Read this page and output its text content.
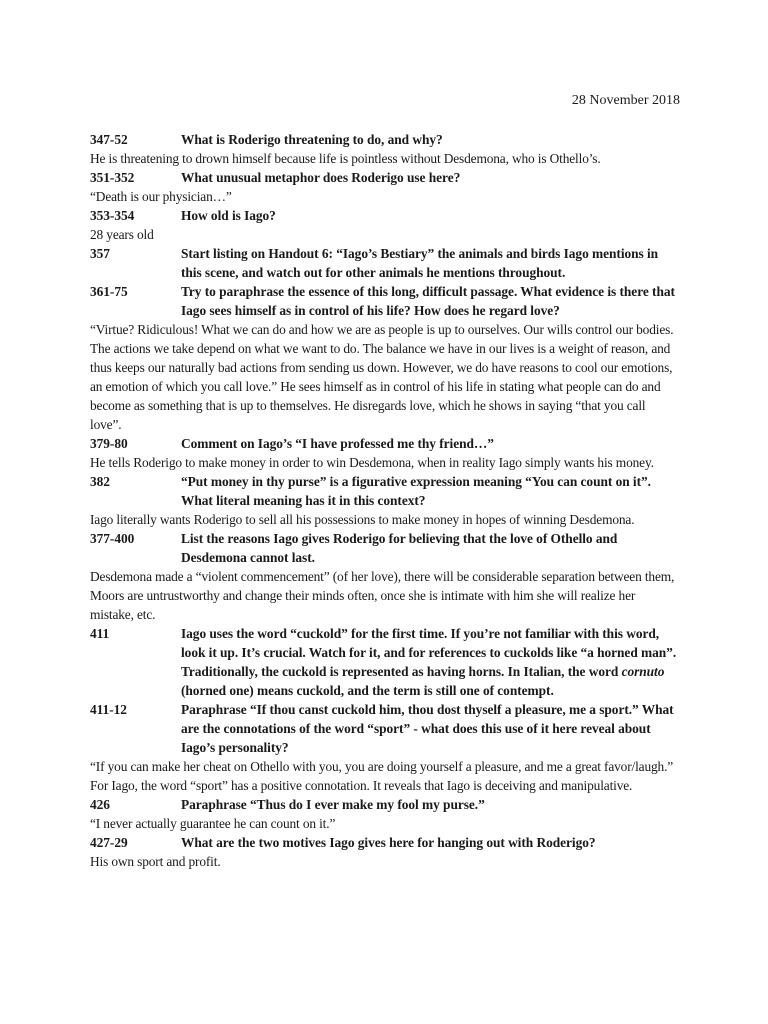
28 November 2018
347-52	What is Roderigo threatening to do, and why?
He is threatening to drown himself because life is pointless without Desdemona, who is Othello’s.
351-352	What unusual metaphor does Roderigo use here?
“Death is our physician…”
353-354	How old is Iago?
28 years old
357	Start listing on Handout 6: “Iago’s Bestiary” the animals and birds Iago mentions in this scene, and watch out for other animals he mentions throughout.
361-75	Try to paraphrase the essence of this long, difficult passage. What evidence is there that Iago sees himself as in control of his life? How does he regard love?
“Virtue? Ridiculous! What we can do and how we are as people is up to ourselves. Our wills control our bodies. The actions we take depend on what we want to do. The balance we have in our lives is a weight of reason, and thus keeps our naturally bad actions from sending us down. However, we do have reasons to cool our emotions, an emotion of which you call love.” He sees himself as in control of his life in stating what people can do and become as something that is up to themselves. He disregards love, which he shows in saying “that you call love”.
379-80	Comment on Iago’s “I have professed me thy friend…”
He tells Roderigo to make money in order to win Desdemona, when in reality Iago simply wants his money.
382	“Put money in thy purse” is a figurative expression meaning “You can count on it”. What literal meaning has it in this context?
Iago literally wants Roderigo to sell all his possessions to make money in hopes of winning Desdemona.
377-400	List the reasons Iago gives Roderigo for believing that the love of Othello and Desdemona cannot last.
Desdemona made a “violent commencement” (of her love), there will be considerable separation between them, Moors are untrustworthy and change their minds often, once she is intimate with him she will realize her mistake, etc.
411	Iago uses the word “cuckold” for the first time. If you’re not familiar with this word, look it up. It’s crucial. Watch for it, and for references to cuckolds like “a horned man”. Traditionally, the cuckold is represented as having horns. In Italian, the word cornuto (horned one) means cuckold, and the term is still one of contempt.
411-12	Paraphrase “If thou canst cuckold him, thou dost thyself a pleasure, me a sport.” What are the connotations of the word “sport” - what does this use of it here reveal about Iago’s personality?
“If you can make her cheat on Othello with you, you are doing yourself a pleasure, and me a great favor/laugh.” For Iago, the word “sport” has a positive connotation. It reveals that Iago is deceiving and manipulative.
426	Paraphrase “Thus do I ever make my fool my purse.”
“I never actually guarantee he can count on it.”
427-29	What are the two motives Iago gives here for hanging out with Roderigo?
His own sport and profit.
